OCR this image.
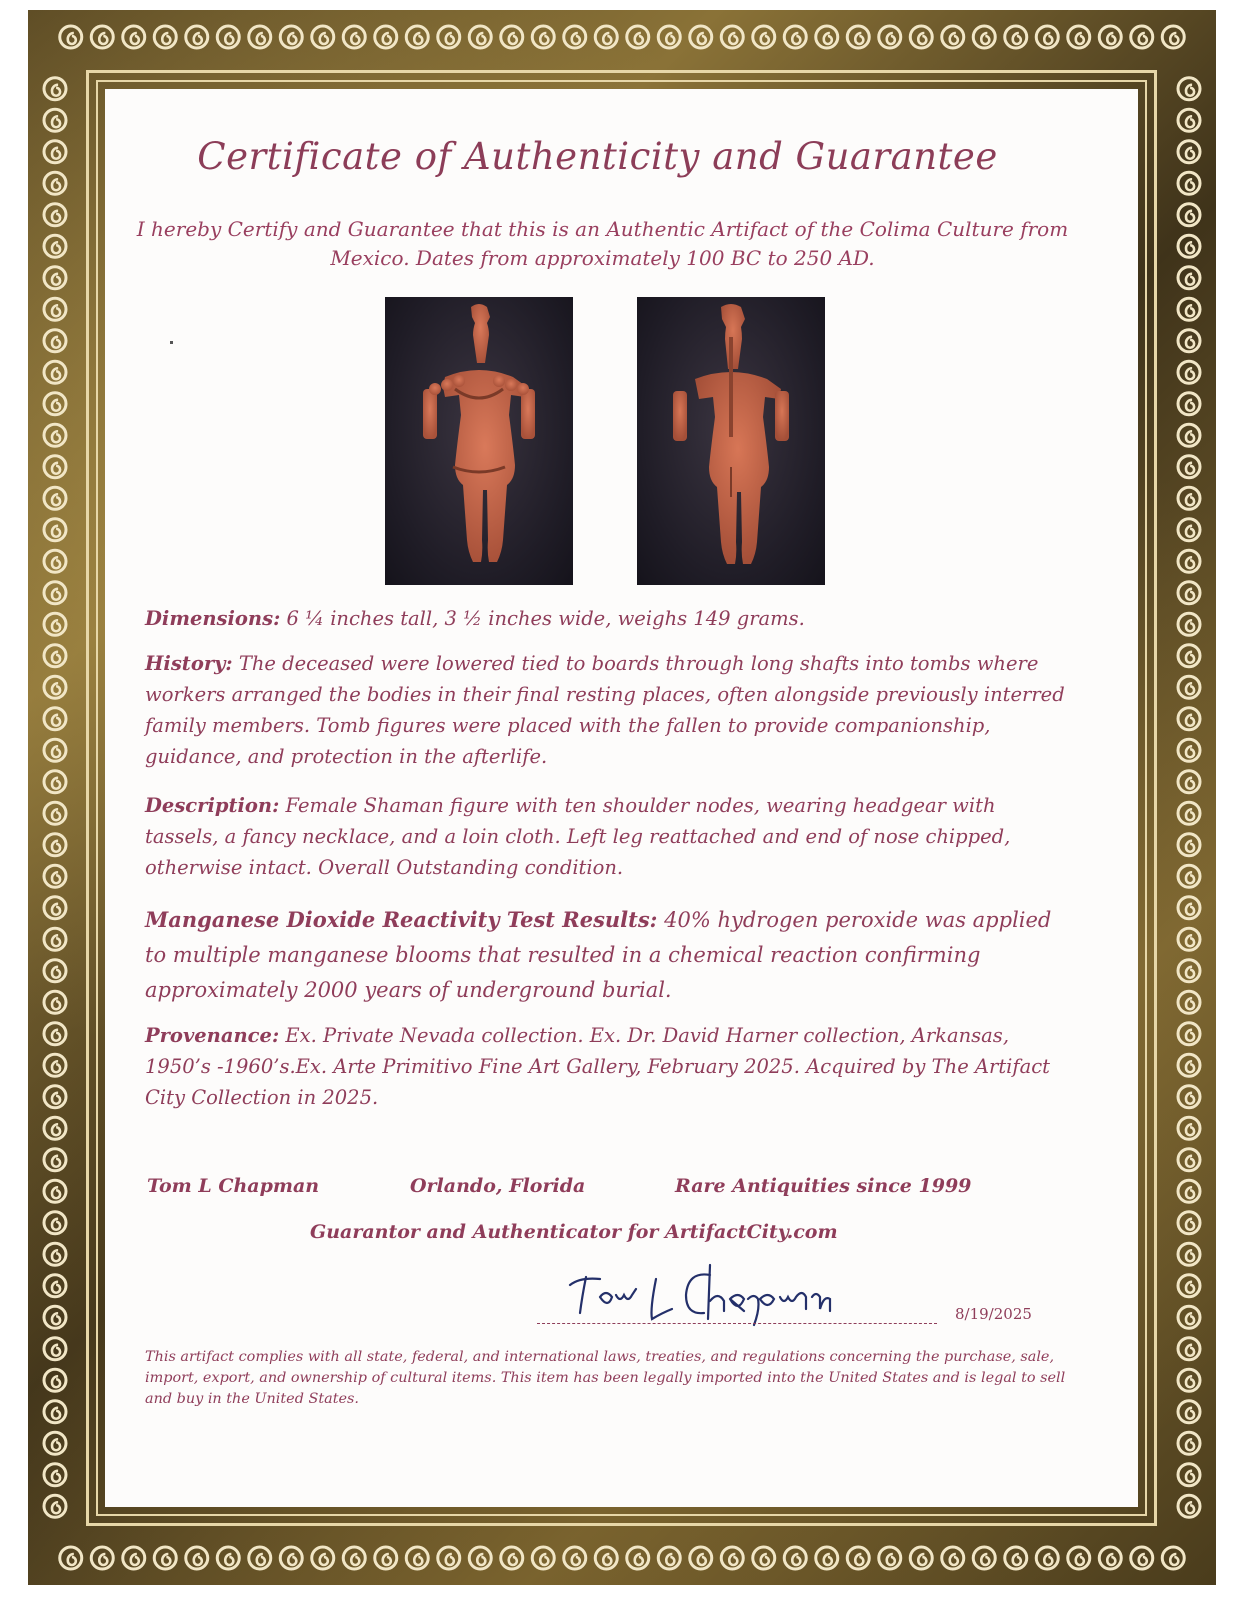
Certificate of Authenticity and Guarantee
I hereby Certify and Guarantee that this is an Authentic Artifact of the Colima Culture from Mexico. Dates from approximately 100 BC to 250 AD.
Dimensions: 6 ¼ inches tall, 3 ½ inches wide, weighs 149 grams.
History: The deceased were lowered tied to boards through long shafts into tombs where workers arranged the bodies in their final resting places, often alongside previously interred family members. Tomb figures were placed with the fallen to provide companionship, guidance, and protection in the afterlife.
Description: Female Shaman figure with ten shoulder nodes, wearing headgear with tassels, a fancy necklace, and a loin cloth. Left leg reattached and end of nose chipped, otherwise intact. Overall Outstanding condition.
Manganese Dioxide Reactivity Test Results: 40% hydrogen peroxide was applied to multiple manganese blooms that resulted in a chemical reaction confirming approximately 2000 years of underground burial.
Provenance: Ex. Private Nevada collection. Ex. Dr. David Harner collection, Arkansas, 1950’s -1960’s.Ex. Arte Primitivo Fine Art Gallery, February 2025. Acquired by The Artifact City Collection in 2025.
Tom L Chapman	Orlando, Florida	Rare Antiquities since 1999
Guarantor and Authenticator for ArtifactCity.com
8/19/2025
This artifact complies with all state, federal, and international laws, treaties, and regulations concerning the purchase, sale, import, export, and ownership of cultural items. This item has been legally imported into the United States and is legal to sell and buy in the United States.
